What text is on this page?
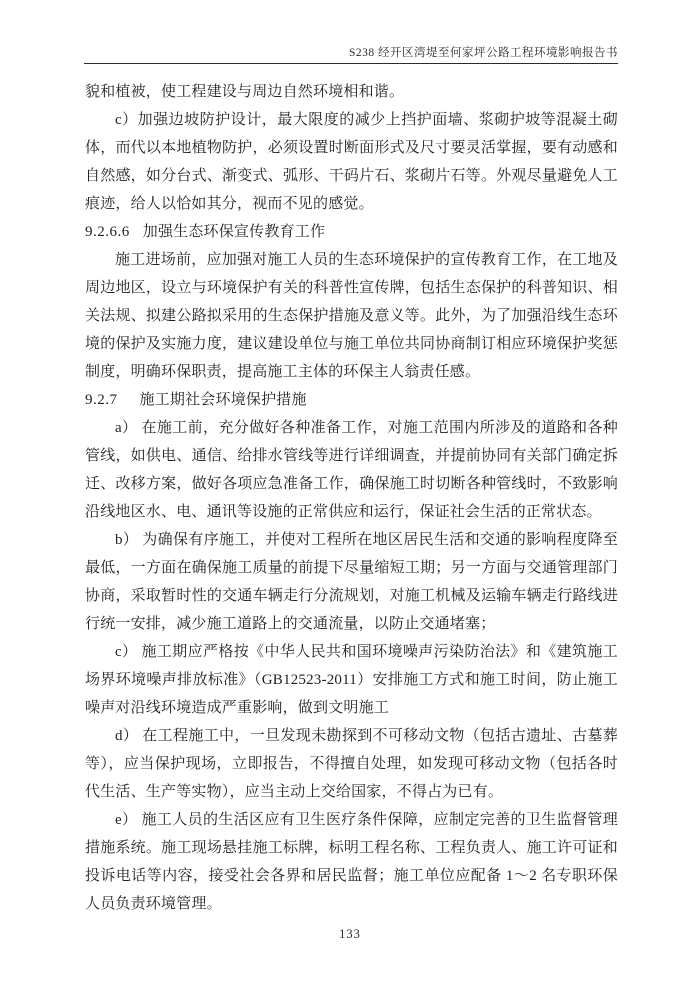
S238 经开区湾堤至何家坪公路工程环境影响报告书

貌和植被，使工程建设与周边自然环境相和谐。

c）加强边坡防护设计，最大限度的减少上挡护面墙、浆砌护坡等混凝土砌体，而代以本地植物防护，必须设置时断面形式及尺寸要灵活掌握，要有动感和自然感，如分台式、渐变式、弧形、干码片石、浆砌片石等。外观尽量避免人工痕迹，给人以恰如其分，视而不见的感觉。

9.2.6.6 加强生态环保宣传教育工作

施工进场前，应加强对施工人员的生态环境保护的宣传教育工作，在工地及周边地区，设立与环境保护有关的科普性宣传牌，包括生态保护的科普知识、相关法规、拟建公路拟采用的生态保护措施及意义等。此外，为了加强沿线生态环境的保护及实施力度，建议建设单位与施工单位共同协商制订相应环境保护奖惩制度，明确环保职责，提高施工主体的环保主人翁责任感。

9.2.7 施工期社会环境保护措施

a） 在施工前，充分做好各种准备工作，对施工范围内所涉及的道路和各种管线，如供电、通信、给排水管线等进行详细调查，并提前协同有关部门确定拆迁、改移方案，做好各项应急准备工作，确保施工时切断各种管线时，不致影响沿线地区水、电、通讯等设施的正常供应和运行，保证社会生活的正常状态。

b） 为确保有序施工，并使对工程所在地区居民生活和交通的影响程度降至最低，一方面在确保施工质量的前提下尽量缩短工期；另一方面与交通管理部门协商，采取暂时性的交通车辆走行分流规划，对施工机械及运输车辆走行路线进行统一安排，减少施工道路上的交通流量，以防止交通堵塞；

c） 施工期应严格按《中华人民共和国环境噪声污染防治法》和《建筑施工场界环境噪声排放标准》（GB12523-2011）安排施工方式和施工时间，防止施工噪声对沿线环境造成严重影响，做到文明施工

d） 在工程施工中，一旦发现未勘探到不可移动文物（包括古遗址、古墓葬等），应当保护现场，立即报告，不得擅自处理，如发现可移动文物（包括各时代生活、生产等实物），应当主动上交给国家，不得占为已有。

e） 施工人员的生活区应有卫生医疗条件保障，应制定完善的卫生监督管理措施系统。施工现场悬挂施工标牌，标明工程名称、工程负责人、施工许可证和投诉电话等内容，接受社会各界和居民监督；施工单位应配备 1～2 名专职环保人员负责环境管理。

133
